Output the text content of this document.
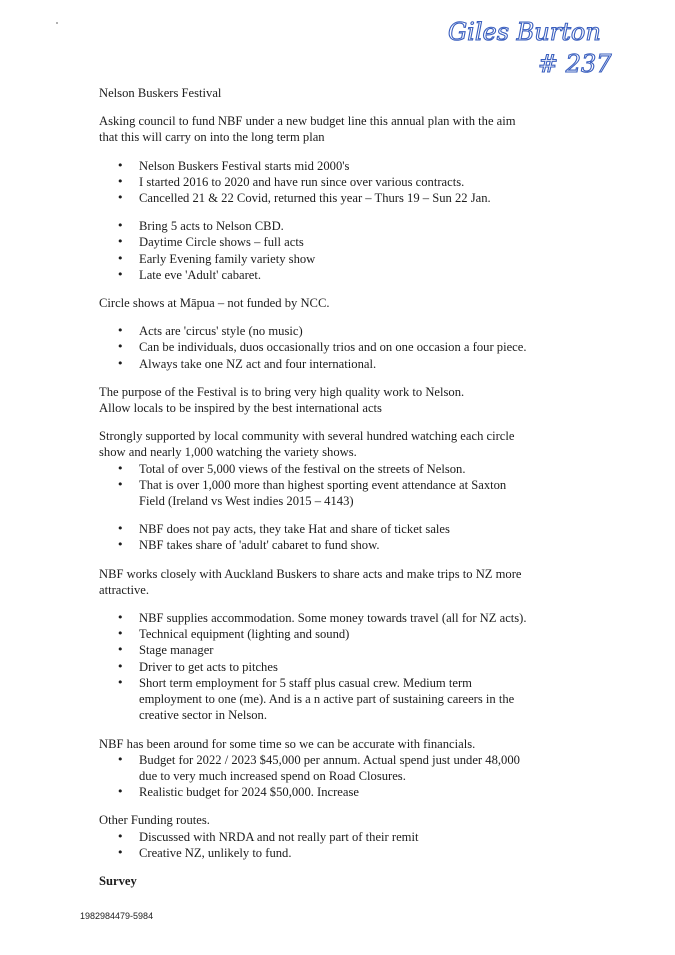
Giles Burton
# 237

Nelson Buskers Festival

Asking council to fund NBF under a new budget line this annual plan with the aim
that this will carry on into the long term plan

• Nelson Buskers Festival starts mid 2000's
• I started 2016 to 2020 and have run since over various contracts.
• Cancelled 21 & 22 Covid, returned this year – Thurs 19 – Sun 22 Jan.
• Bring 5 acts to Nelson CBD.
• Daytime Circle shows – full acts
• Early Evening family variety show
• Late eve 'Adult' cabaret.

Circle shows at Māpua – not funded by NCC.

• Acts are 'circus' style (no music)
• Can be individuals, duos occasionally trios and on one occasion a four piece.
• Always take one NZ act and four international.

The purpose of the Festival is to bring very high quality work to Nelson.
Allow locals to be inspired by the best international acts

Strongly supported by local community with several hundred watching each circle
show and nearly 1,000 watching the variety shows.

• Total of over 5,000 views of the festival on the streets of Nelson.
• That is over 1,000 more than highest sporting event attendance at Saxton
Field (Ireland vs West indies 2015 – 4143)
• NBF does not pay acts, they take Hat and share of ticket sales
• NBF takes share of 'adult' cabaret to fund show.

NBF works closely with Auckland Buskers to share acts and make trips to NZ more
attractive.

• NBF supplies accommodation. Some money towards travel (all for NZ acts).
• Technical equipment (lighting and sound)
• Stage manager
• Driver to get acts to pitches
• Short term employment for 5 staff plus casual crew. Medium term
employment to one (me). And is a n active part of sustaining careers in the
creative sector in Nelson.

NBF has been around for some time so we can be accurate with financials.

• Budget for 2022 / 2023 $45,000 per annum. Actual spend just under 48,000
due to very much increased spend on Road Closures.
• Realistic budget for 2024 $50,000. Increase

Other Funding routes.

• Discussed with NRDA and not really part of their remit
• Creative NZ, unlikely to fund.

Survey

1982984479-5984
